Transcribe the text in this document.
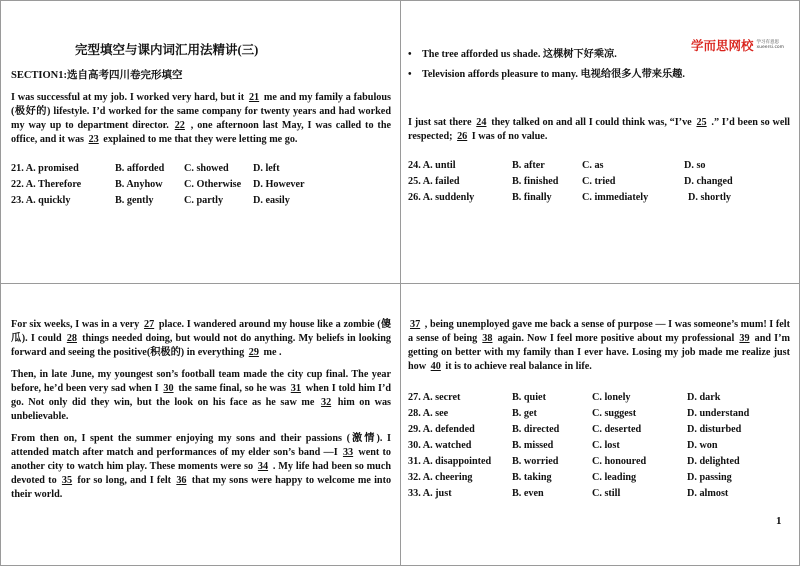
完型填空与课内词汇用法精讲(三)	学而思网校 学习有意思
xueersi.com
SECTION1:选自高考四川卷完形填空

I was successful at my job. I worked very hard, but it 21 me and my family a fabulous (极好的) lifestyle. I’d worked for the same company for twenty years and had worked my way up to department director. 22 , one afternoon last May, I was called to the office, and it was 23 explained to me that they were letting me go.

21. A. promised	B. afforded	C. showed	D. left
22. A. Therefore	B. Anyhow	C. Otherwise	D. However
23. A. quickly	B. gently	C. partly	D. easily
•	The tree afforded us shade. 这棵树下好乘凉.
•	Television affords pleasure to many. 电视给很多人带来乐趣.

I just sat there 24 they talked on and all I could think was, “I’ve 25 .” I’d been so well respected; 26 I was of no value.

24. A. until	B. after	C. as	D. so
25. A. failed	B. finished	C. tried	D. changed
26. A. suddenly	B. finally	C. immediately	D. shortly

For six weeks, I was in a very 27 place. I wandered around my house like a zombie (傻瓜). I could 28 things needed doing, but would not do anything. My beliefs in looking forward and seeing the positive(积极的) in everything 29 me .

Then, in late June, my youngest son’s football team made the city cup final. The year before, he’d been very sad when I 30 the same final, so he was 31 when I told him I’d go. Not only did they win, but the look on his face as he saw me 32 him on was unbelievable.

From then on, I spent the summer enjoying my sons and their passions (激情). I attended match after match and performances of my elder son’s band —I 33 went to another city to watch him play. These moments were so 34 . My life had been so much devoted to 35 for so long, and I felt 36 that my sons were happy to welcome me into their world.

37 , being unemployed gave me back a sense of purpose — I was someone’s mum! I felt a sense of being 38 again. Now I feel more positive about my professional 39 and I’m getting on better with my family than I ever have. Losing my job made me realize just how 40 it is to achieve real balance in life.

27. A. secret	B. quiet	C. lonely	D. dark
28. A. see	B. get	C. suggest	D. understand
29. A. defended	B. directed	C. deserted	D. disturbed
30. A. watched	B. missed	C. lost	D. won
31. A. disappointed	B. worried	C. honoured	D. delighted
32. A. cheering	B. taking	C. leading	D. passing
33. A. just	B. even	C. still	D. almost
1
